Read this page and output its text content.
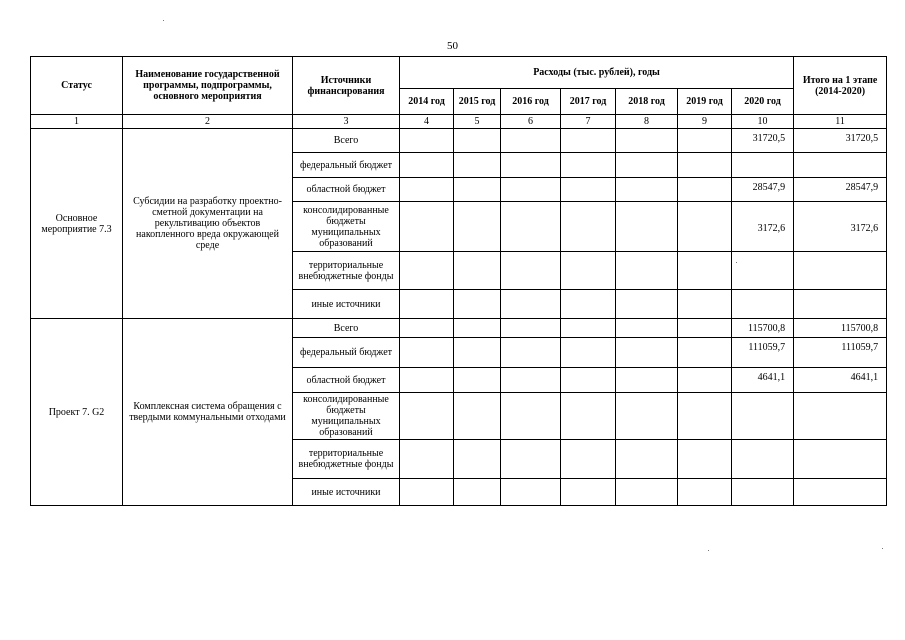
50
Статус	Наименование государственной программы, подпрограммы, основного мероприятия	Источники финансирования	Расходы (тыс. рублей), годы							Итого на 1 этапе (2014-2020)
			2014 год	2015 год	2016 год	2017 год	2018 год	2019 год	2020 год	
1	2	3	4	5	6	7	8	9	10	11
Основное мероприятие 7.3	Субсидии на разработку проектно-сметной документации на рекультивацию объектов накопленного вреда окружающей среде	Всего							31720,5	31720,5
		федеральный бюджет								
		областной бюджет							28547,9	28547,9
		консолидированные бюджеты муниципальных образований							3172,6	3172,6
		территориальные внебюджетные фонды								
		иные источники								
Проект 7. G2	Комплексная система обращения с твердыми коммунальными отходами	Всего							115700,8	115700,8
		федеральный бюджет							111059,7	111059,7
		областной бюджет							4641,1	4641,1
		консолидированные бюджеты муниципальных образований								
		территориальные внебюджетные фонды								
		иные источники								
